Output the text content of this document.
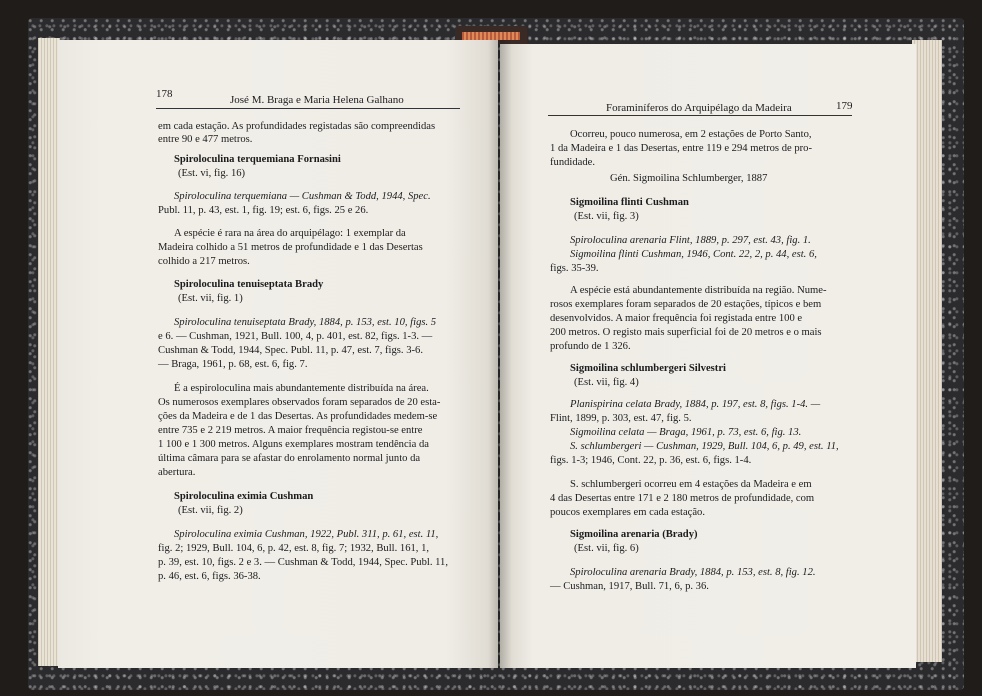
178	José M. Braga e Maria Helena Galhano
em cada estação. As profundidades registadas são compreendidas
entre 90 e 477 metros.
Spiroloculina terquemiana Fornasini
(Est. vi, fig. 16)
Spiroloculina terquemiana — Cushman & Todd, 1944, Spec.
Publ. 11, p. 43, est. 1, fig. 19; est. 6, figs. 25 e 26.
A espécie é rara na área do arquipélago: 1 exemplar da
Madeira colhido a 51 metros de profundidade e 1 das Desertas
colhido a 217 metros.
Spiroloculina tenuiseptata Brady
(Est. vii, fig. 1)
Spiroloculina tenuiseptata Brady, 1884, p. 153, est. 10, figs. 5
e 6. — Cushman, 1921, Bull. 100, 4, p. 401, est. 82, figs. 1-3. —
Cushman & Todd, 1944, Spec. Publ. 11, p. 47, est. 7, figs. 3-6.
— Braga, 1961, p. 68, est. 6, fig. 7.
É a espiroloculina mais abundantemente distribuída na área.
Os numerosos exemplares observados foram separados de 20 esta-
ções da Madeira e de 1 das Desertas. As profundidades medem-se
entre 735 e 2 219 metros. A maior frequência registou-se entre
1 100 e 1 300 metros. Alguns exemplares mostram tendência da
última câmara para se afastar do enrolamento normal junto da
abertura.
Spiroloculina eximia Cushman
(Est. vii, fig. 2)
Spiroloculina eximia Cushman, 1922, Publ. 311, p. 61, est. 11,
fig. 2; 1929, Bull. 104, 6, p. 42, est. 8, fig. 7; 1932, Bull. 161, 1,
p. 39, est. 10, figs. 2 e 3. — Cushman & Todd, 1944, Spec. Publ. 11,
p. 46, est. 6, figs. 36-38.
Foraminíferos do Arquipélago da Madeira	179
Ocorreu, pouco numerosa, em 2 estações de Porto Santo,
1 da Madeira e 1 das Desertas, entre 119 e 294 metros de pro-
fundidade.
Gén. Sigmoilina Schlumberger, 1887
Sigmoilina flinti Cushman
(Est. vii, fig. 3)
Spiroloculina arenaria Flint, 1889, p. 297, est. 43, fig. 1.
Sigmoilina flinti Cushman, 1946, Cont. 22, 2, p. 44, est. 6,
figs. 35-39.
A espécie está abundantemente distribuída na região. Nume-
rosos exemplares foram separados de 20 estações, típicos e bem
desenvolvidos. A maior frequência foi registada entre 100 e
200 metros. O registo mais superficial foi de 20 metros e o mais
profundo de 1 326.
Sigmoilina schlumbergeri Silvestri
(Est. vii, fig. 4)
Planispirina celata Brady, 1884, p. 197, est. 8, figs. 1-4. —
Flint, 1899, p. 303, est. 47, fig. 5.
Sigmoilina celata — Braga, 1961, p. 73, est. 6, fig. 13.
S. schlumbergeri — Cushman, 1929, Bull. 104, 6, p. 49, est. 11,
figs. 1-3; 1946, Cont. 22, p. 36, est. 6, figs. 1-4.
S. schlumbergeri ocorreu em 4 estações da Madeira e em
4 das Desertas entre 171 e 2 180 metros de profundidade, com
poucos exemplares em cada estação.
Sigmoilina arenaria (Brady)
(Est. vii, fig. 6)
Spiroloculina arenaria Brady, 1884, p. 153, est. 8, fig. 12.
— Cushman, 1917, Bull. 71, 6, p. 36.
